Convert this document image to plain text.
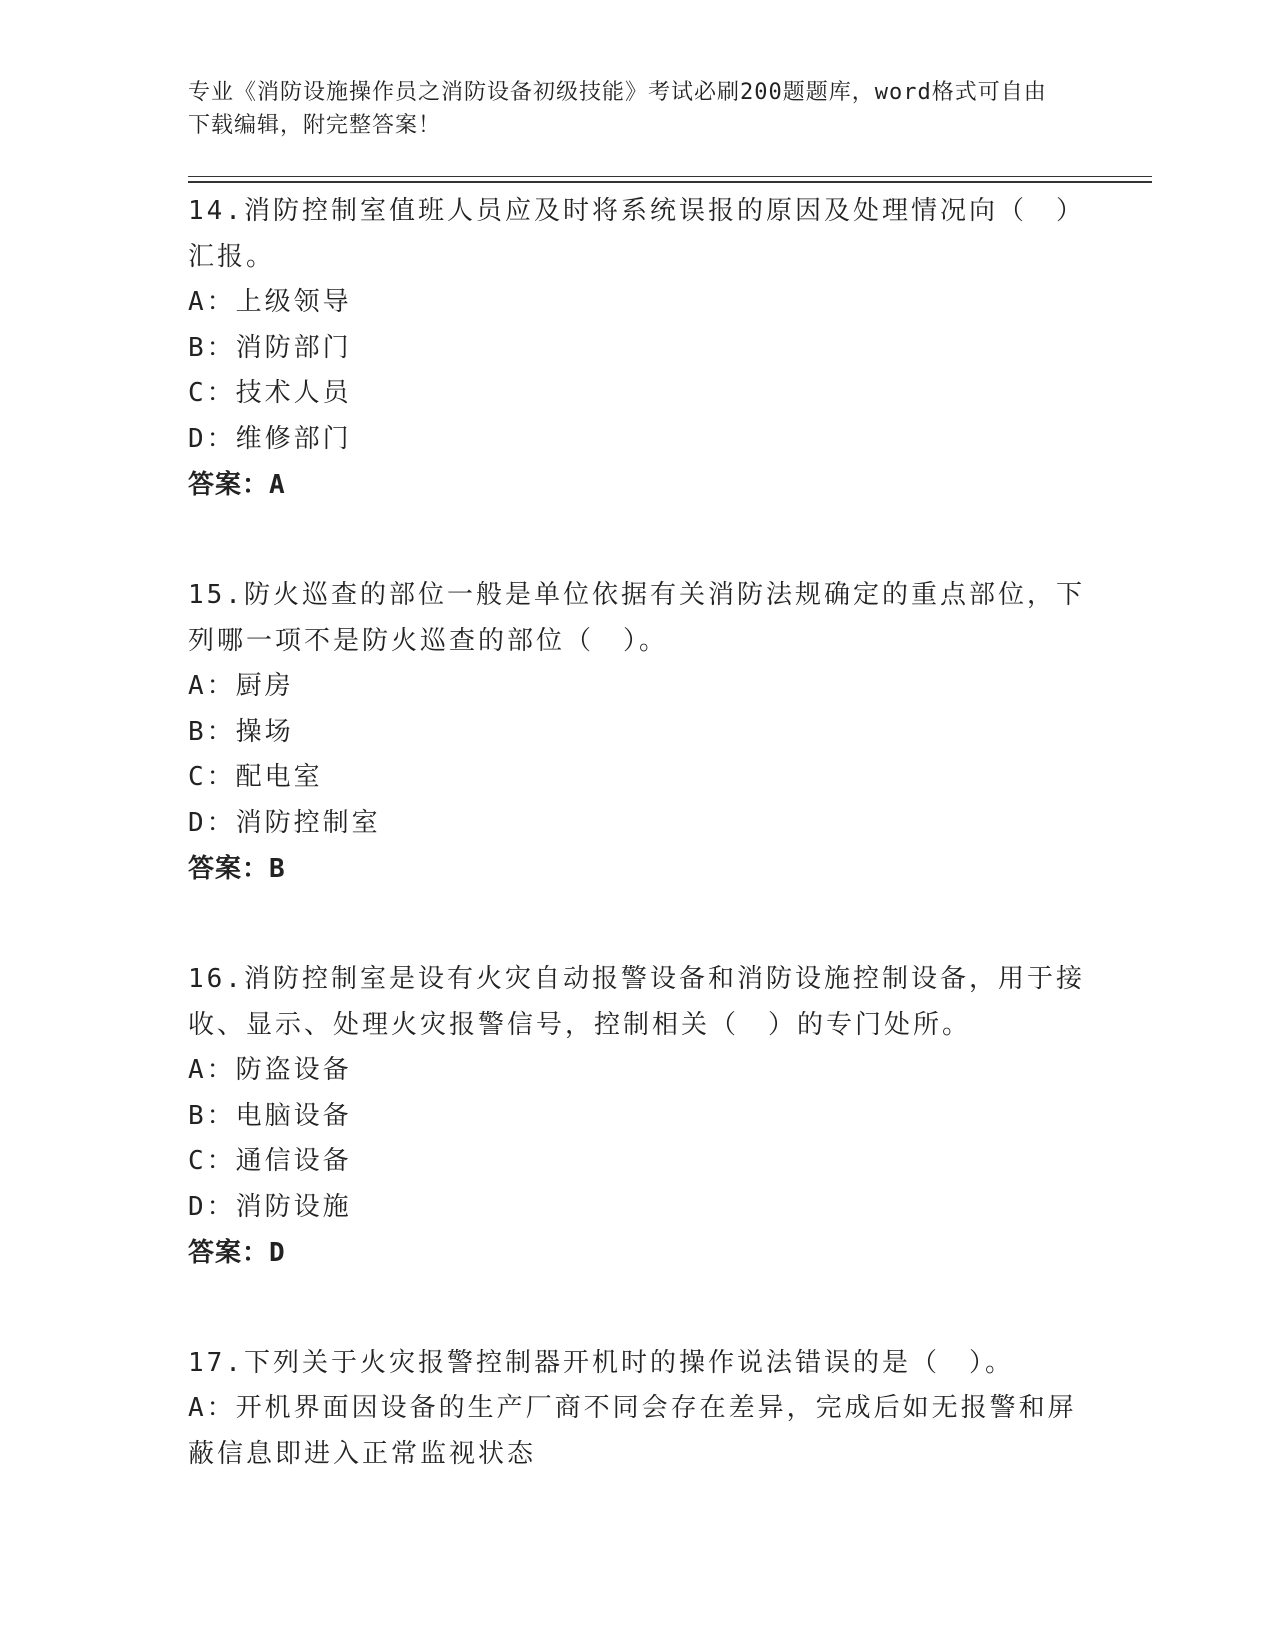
专业《消防设施操作员之消防设备初级技能》考试必刷200题题库，word格式可自由下载编辑，附完整答案！
14.消防控制室值班人员应及时将系统误报的原因及处理情况向（　）汇报。
A：上级领导
B：消防部门
C：技术人员
D：维修部门
答案：A
15.防火巡查的部位一般是单位依据有关消防法规确定的重点部位，下列哪一项不是防火巡查的部位（　）。
A：厨房
B：操场
C：配电室
D：消防控制室
答案：B
16.消防控制室是设有火灾自动报警设备和消防设施控制设备，用于接收、显示、处理火灾报警信号，控制相关（　）的专门处所。
A：防盗设备
B：电脑设备
C：通信设备
D：消防设施
答案：D
17.下列关于火灾报警控制器开机时的操作说法错误的是（　）。
A：开机界面因设备的生产厂商不同会存在差异，完成后如无报警和屏蔽信息即进入正常监视状态
